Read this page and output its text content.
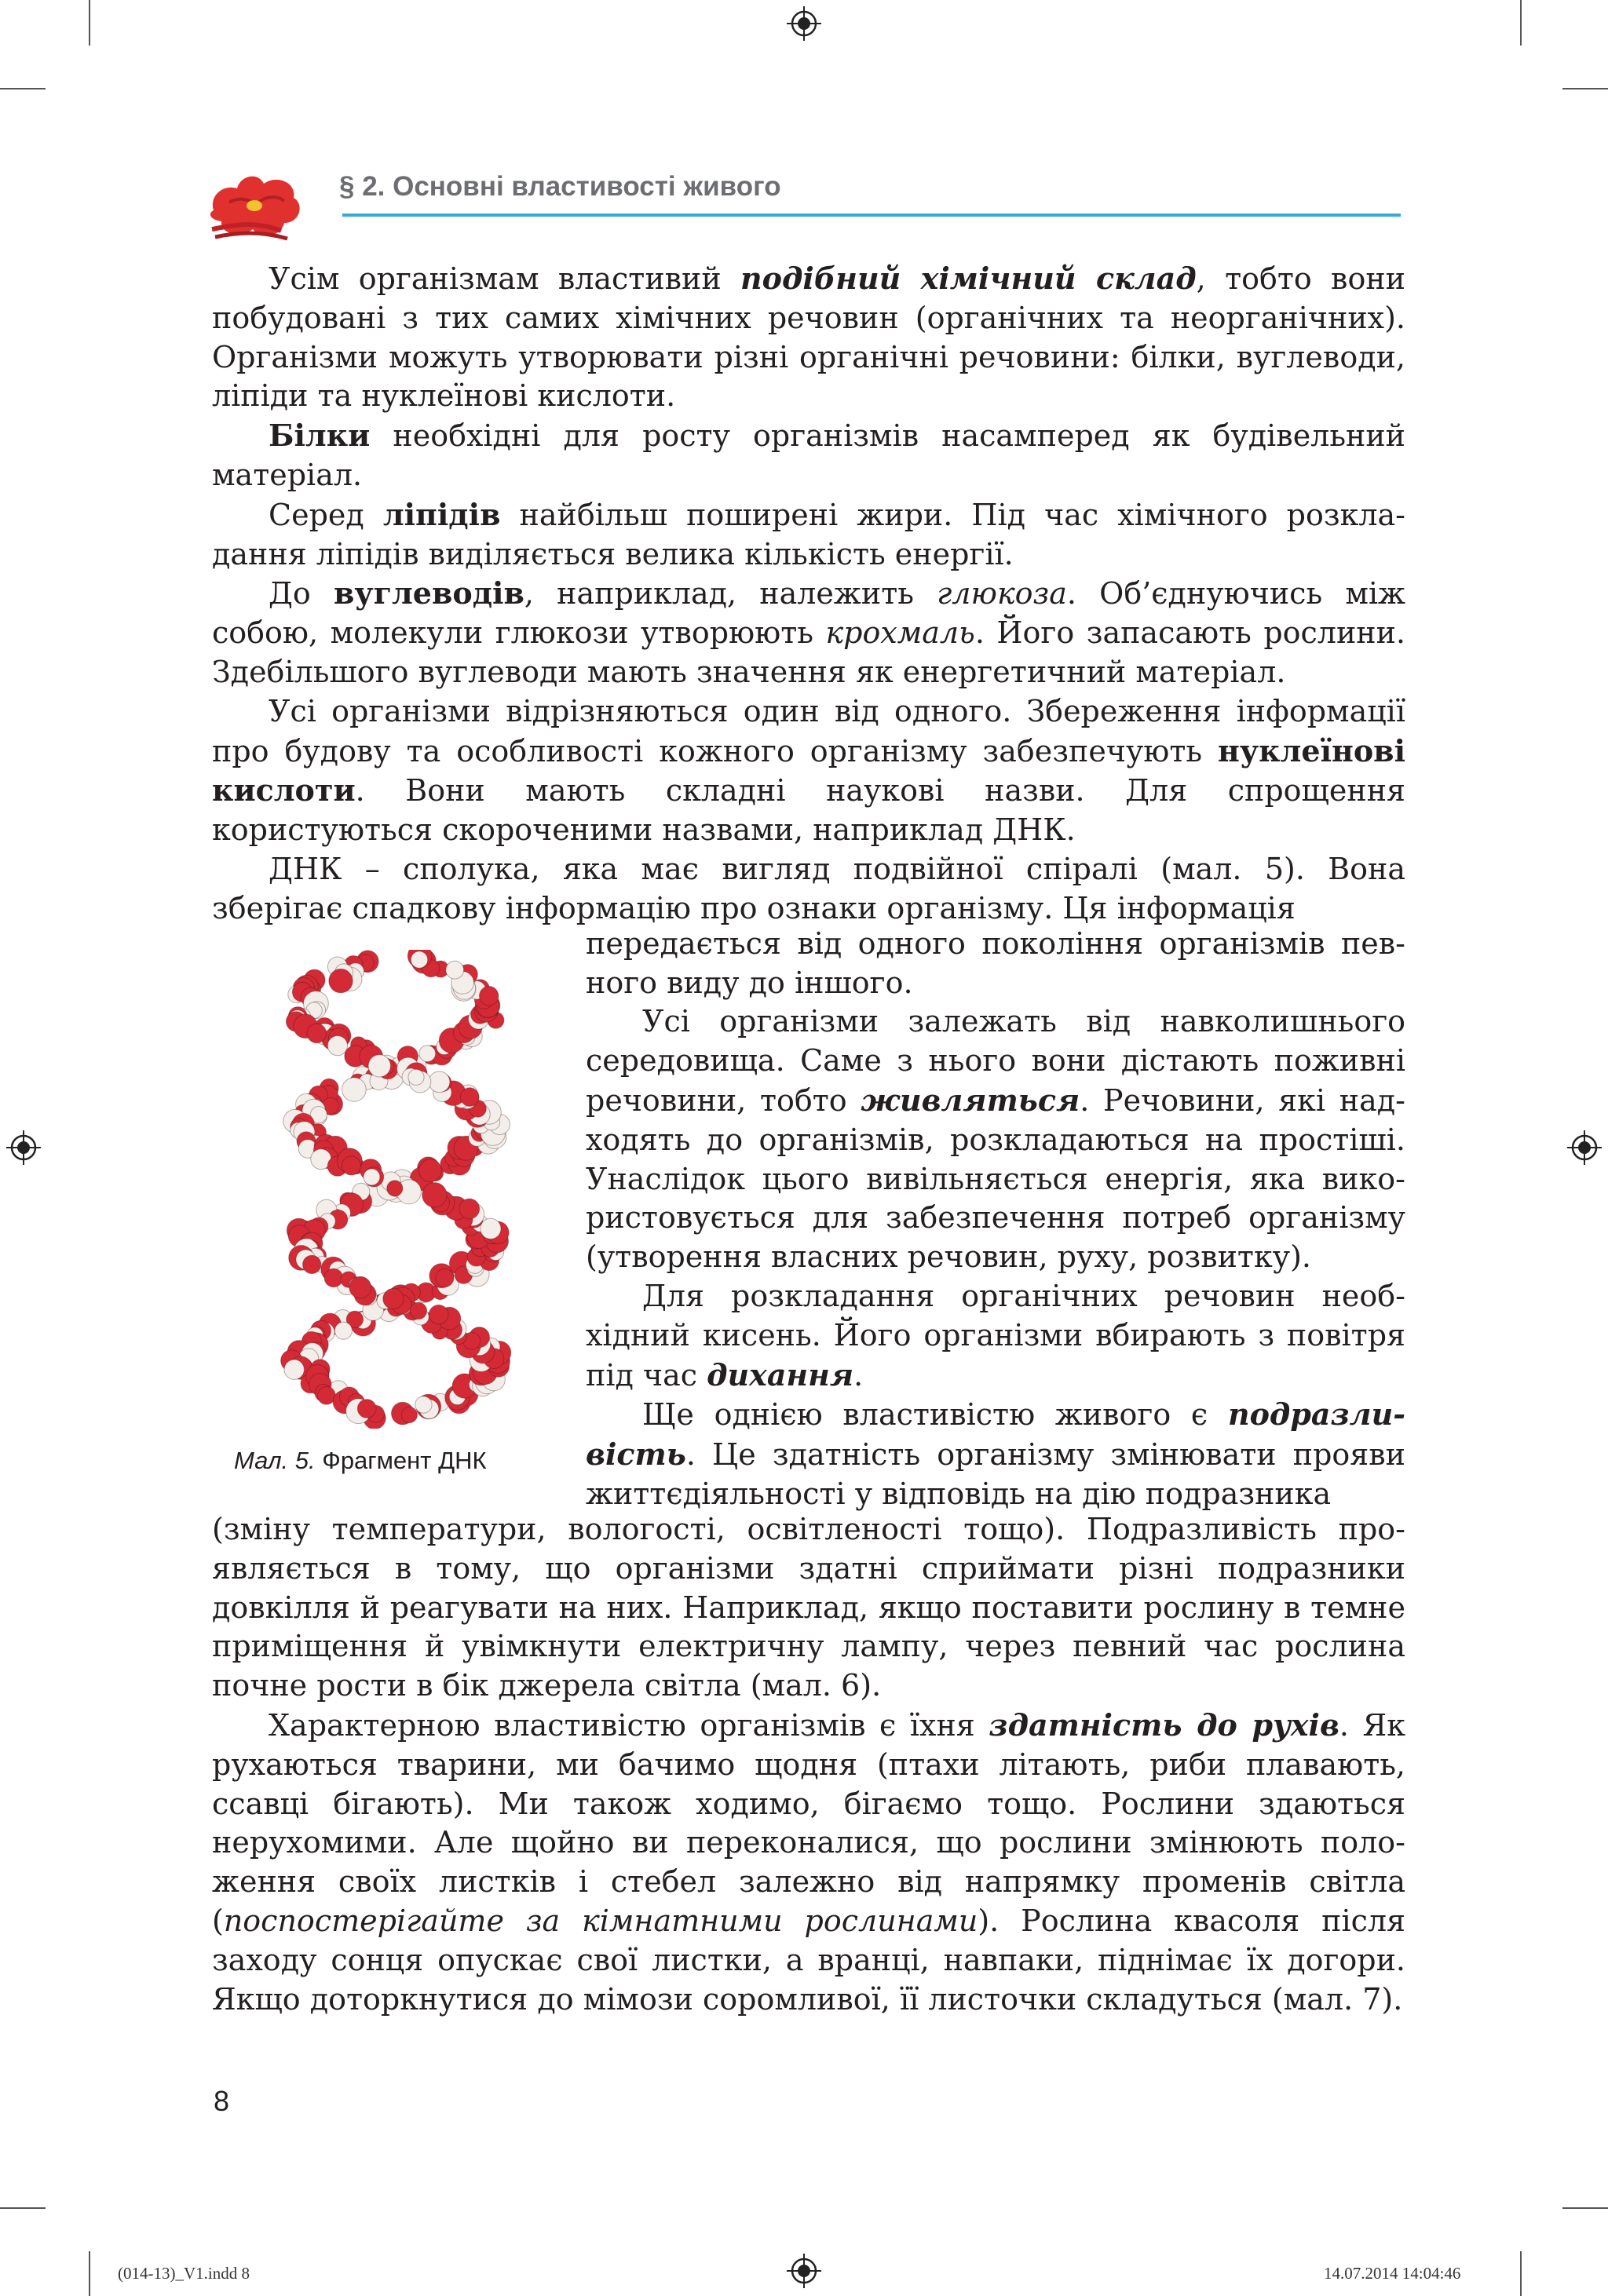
§ 2. Основні властивості живого

Усім організмам властивий подібний хімічний склад, тобто вони побудовані з тих самих хімічних речовин (органічних та неорганічних). Організми можуть утворювати різні органічні речовини: білки, вуглеводи, ліпіди та нуклеїнові кислоти.

Білки необхідні для росту організмів насамперед як будівельний матеріал.

Серед ліпідів найбільш поширені жири. Під час хімічного розкладання ліпідів виділяється велика кількість енергії.

До вуглеводів, наприклад, належить глюкоза. Об’єднуючись між собою, молекули глюкози утворюють крохмаль. Його запасають рослини. Здебільшого вуглеводи мають значення як енергетичний матеріал.

Усі організми відрізняються один від одного. Збереження інформації про будову та особливості кожного організму забезпечують нуклеїнові кислоти. Вони мають складні наукові назви. Для спрощення користуються скороченими назвами, наприклад ДНК.

ДНК – сполука, яка має вигляд подвійної спіралі (мал. 5). Вона зберігає спадкову інформацію про ознаки організму. Ця інформація

Мал. 5. Фрагмент ДНК

передається від одного покоління організмів певного виду до іншого.

Усі організми залежать від навколишнього середовища. Саме з нього вони дістають поживні речовини, тобто живляться. Речовини, які надходять до організмів, розкладаються на простіші. Унаслідок цього вивільняється енергія, яка використовується для забезпечення потреб організму (утворення власних речовин, руху, розвитку).

Для розкладання органічних речовин необхідний кисень. Його організми вбирають з повітря під час дихання.

Ще однією властивістю живого є подразливість. Це здатність організму змінювати прояви життєдіяльності у відповідь на дію подразника

(зміну температури, вологості, освітленості тощо). Подразливість проявляється в тому, що організми здатні сприймати різні подразники довкілля й реагувати на них. Наприклад, якщо поставити рослину в темне приміщення й увімкнути електричну лампу, через певний час рослина почне рости в бік джерела світла (мал. 6).

Характерною властивістю організмів є їхня здатність до рухів. Як рухаються тварини, ми бачимо щодня (птахи літають, риби плавають, ссавці бігають). Ми також ходимо, бігаємо тощо. Рослини здаються нерухомими. Але щойно ви переконалися, що рослини змінюють положення своїх листків і стебел залежно від напрямку променів світла (поспостерігайте за кімнатними рослинами). Рослина квасоля після заходу сонця опускає свої листки, а вранці, навпаки, піднімає їх догори. Якщо доторкнутися до мімози соромливої, її листочки складуться (мал. 7).

8
(014-13)_V1.indd 8	14.07.2014 14:04:46
